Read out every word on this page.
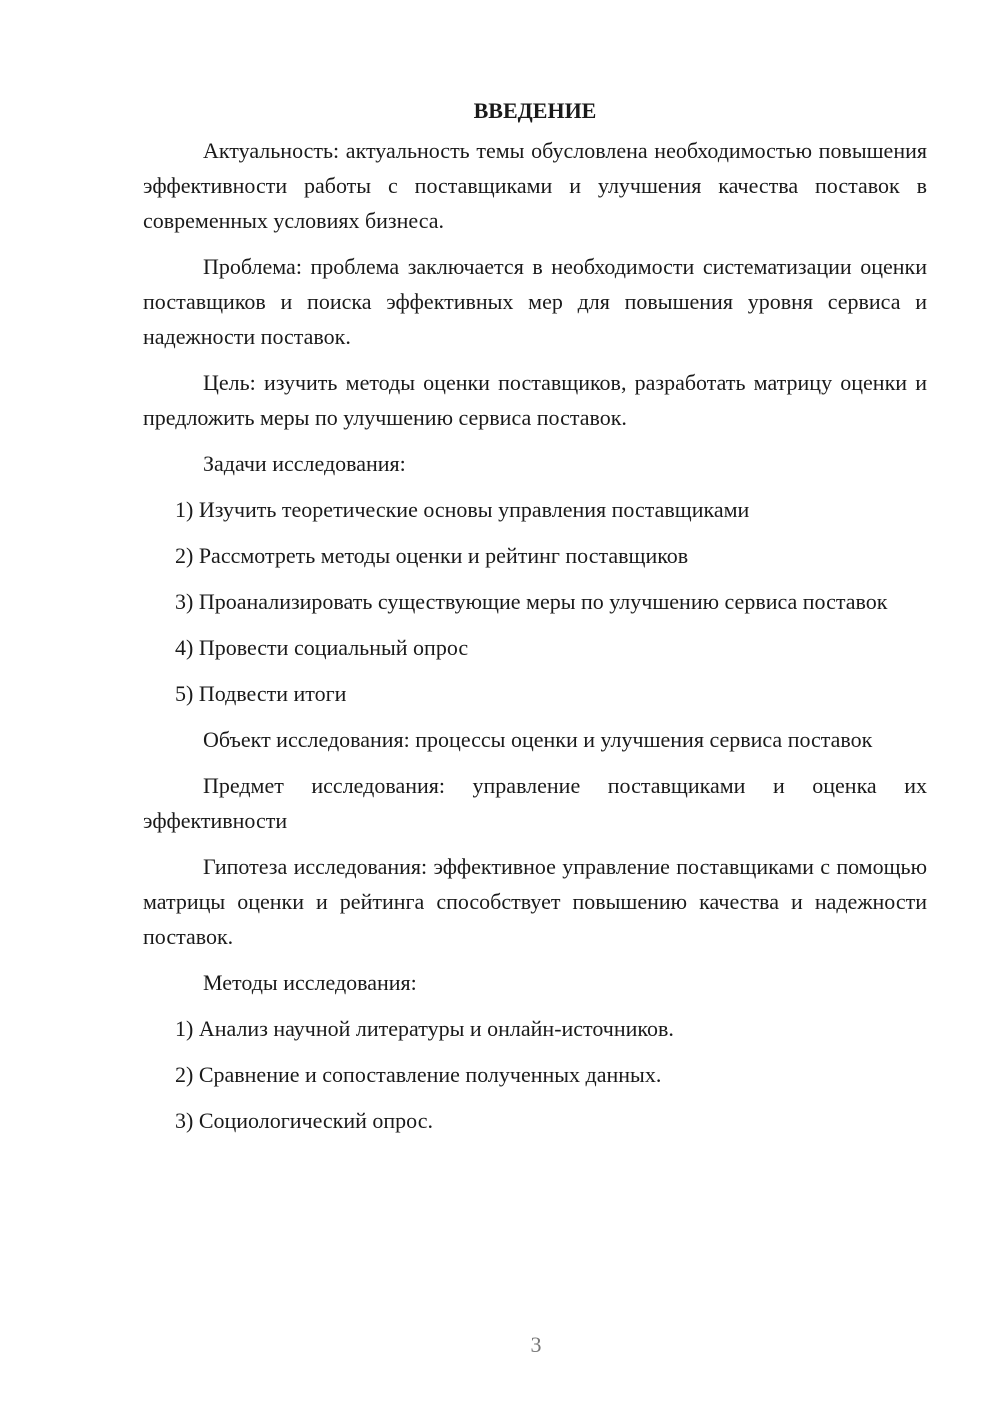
ВВЕДЕНИЕ

Актуальность: актуальность темы обусловлена необходимостью повышения эффективности работы с поставщиками и улучшения качества поставок в современных условиях бизнеса.

Проблема: проблема заключается в необходимости систематизации оценки поставщиков и поиска эффективных мер для повышения уровня сервиса и надежности поставок.

Цель: изучить методы оценки поставщиков, разработать матрицу оценки и предложить меры по улучшению сервиса поставок.

Задачи исследования:

1) Изучить теоретические основы управления поставщиками

2) Рассмотреть методы оценки и рейтинг поставщиков

3) Проанализировать существующие меры по улучшению сервиса поставок

4) Провести социальный опрос

5) Подвести итоги

Объект исследования: процессы оценки и улучшения сервиса поставок

Предмет исследования: управление поставщиками и оценка их эффективности

Гипотеза исследования: эффективное управление поставщиками с помощью матрицы оценки и рейтинга способствует повышению качества и надежности поставок.

Методы исследования:

1) Анализ научной литературы и онлайн-источников.

2) Сравнение и сопоставление полученных данных.

3) Социологический опрос.

3
